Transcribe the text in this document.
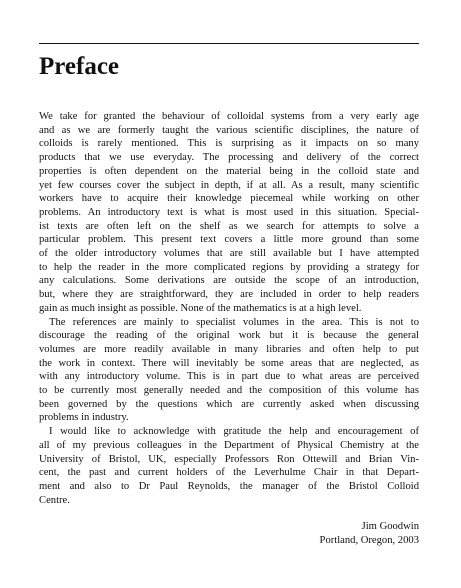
Preface

We take for granted the behaviour of colloidal systems from a very early age
and as we are formerly taught the various scientific disciplines, the nature of
colloids is rarely mentioned. This is surprising as it impacts on so many
products that we use everyday. The processing and delivery of the correct
properties is often dependent on the material being in the colloid state and
yet few courses cover the subject in depth, if at all. As a result, many scientific
workers have to acquire their knowledge piecemeal while working on other
problems. An introductory text is what is most used in this situation. Special-
ist texts are often left on the shelf as we search for attempts to solve a
particular problem. This present text covers a little more ground than some
of the older introductory volumes that are still available but I have attempted
to help the reader in the more complicated regions by providing a strategy for
any calculations. Some derivations are outside the scope of an introduction,
but, where they are straightforward, they are included in order to help readers
gain as much insight as possible. None of the mathematics is at a high level.

The references are mainly to specialist volumes in the area. This is not to
discourage the reading of the original work but it is because the general
volumes are more readily available in many libraries and often help to put
the work in context. There will inevitably be some areas that are neglected, as
with any introductory volume. This is in part due to what areas are perceived
to be currently most generally needed and the composition of this volume has
been governed by the questions which are currently asked when discussing
problems in industry.

I would like to acknowledge with gratitude the help and encouragement of
all of my previous colleagues in the Department of Physical Chemistry at the
University of Bristol, UK, especially Professors Ron Ottewill and Brian Vin-
cent, the past and current holders of the Leverhulme Chair in that Depart-
ment and also to Dr Paul Reynolds, the manager of the Bristol Colloid
Centre.

Jim Goodwin
Portland, Oregon, 2003
